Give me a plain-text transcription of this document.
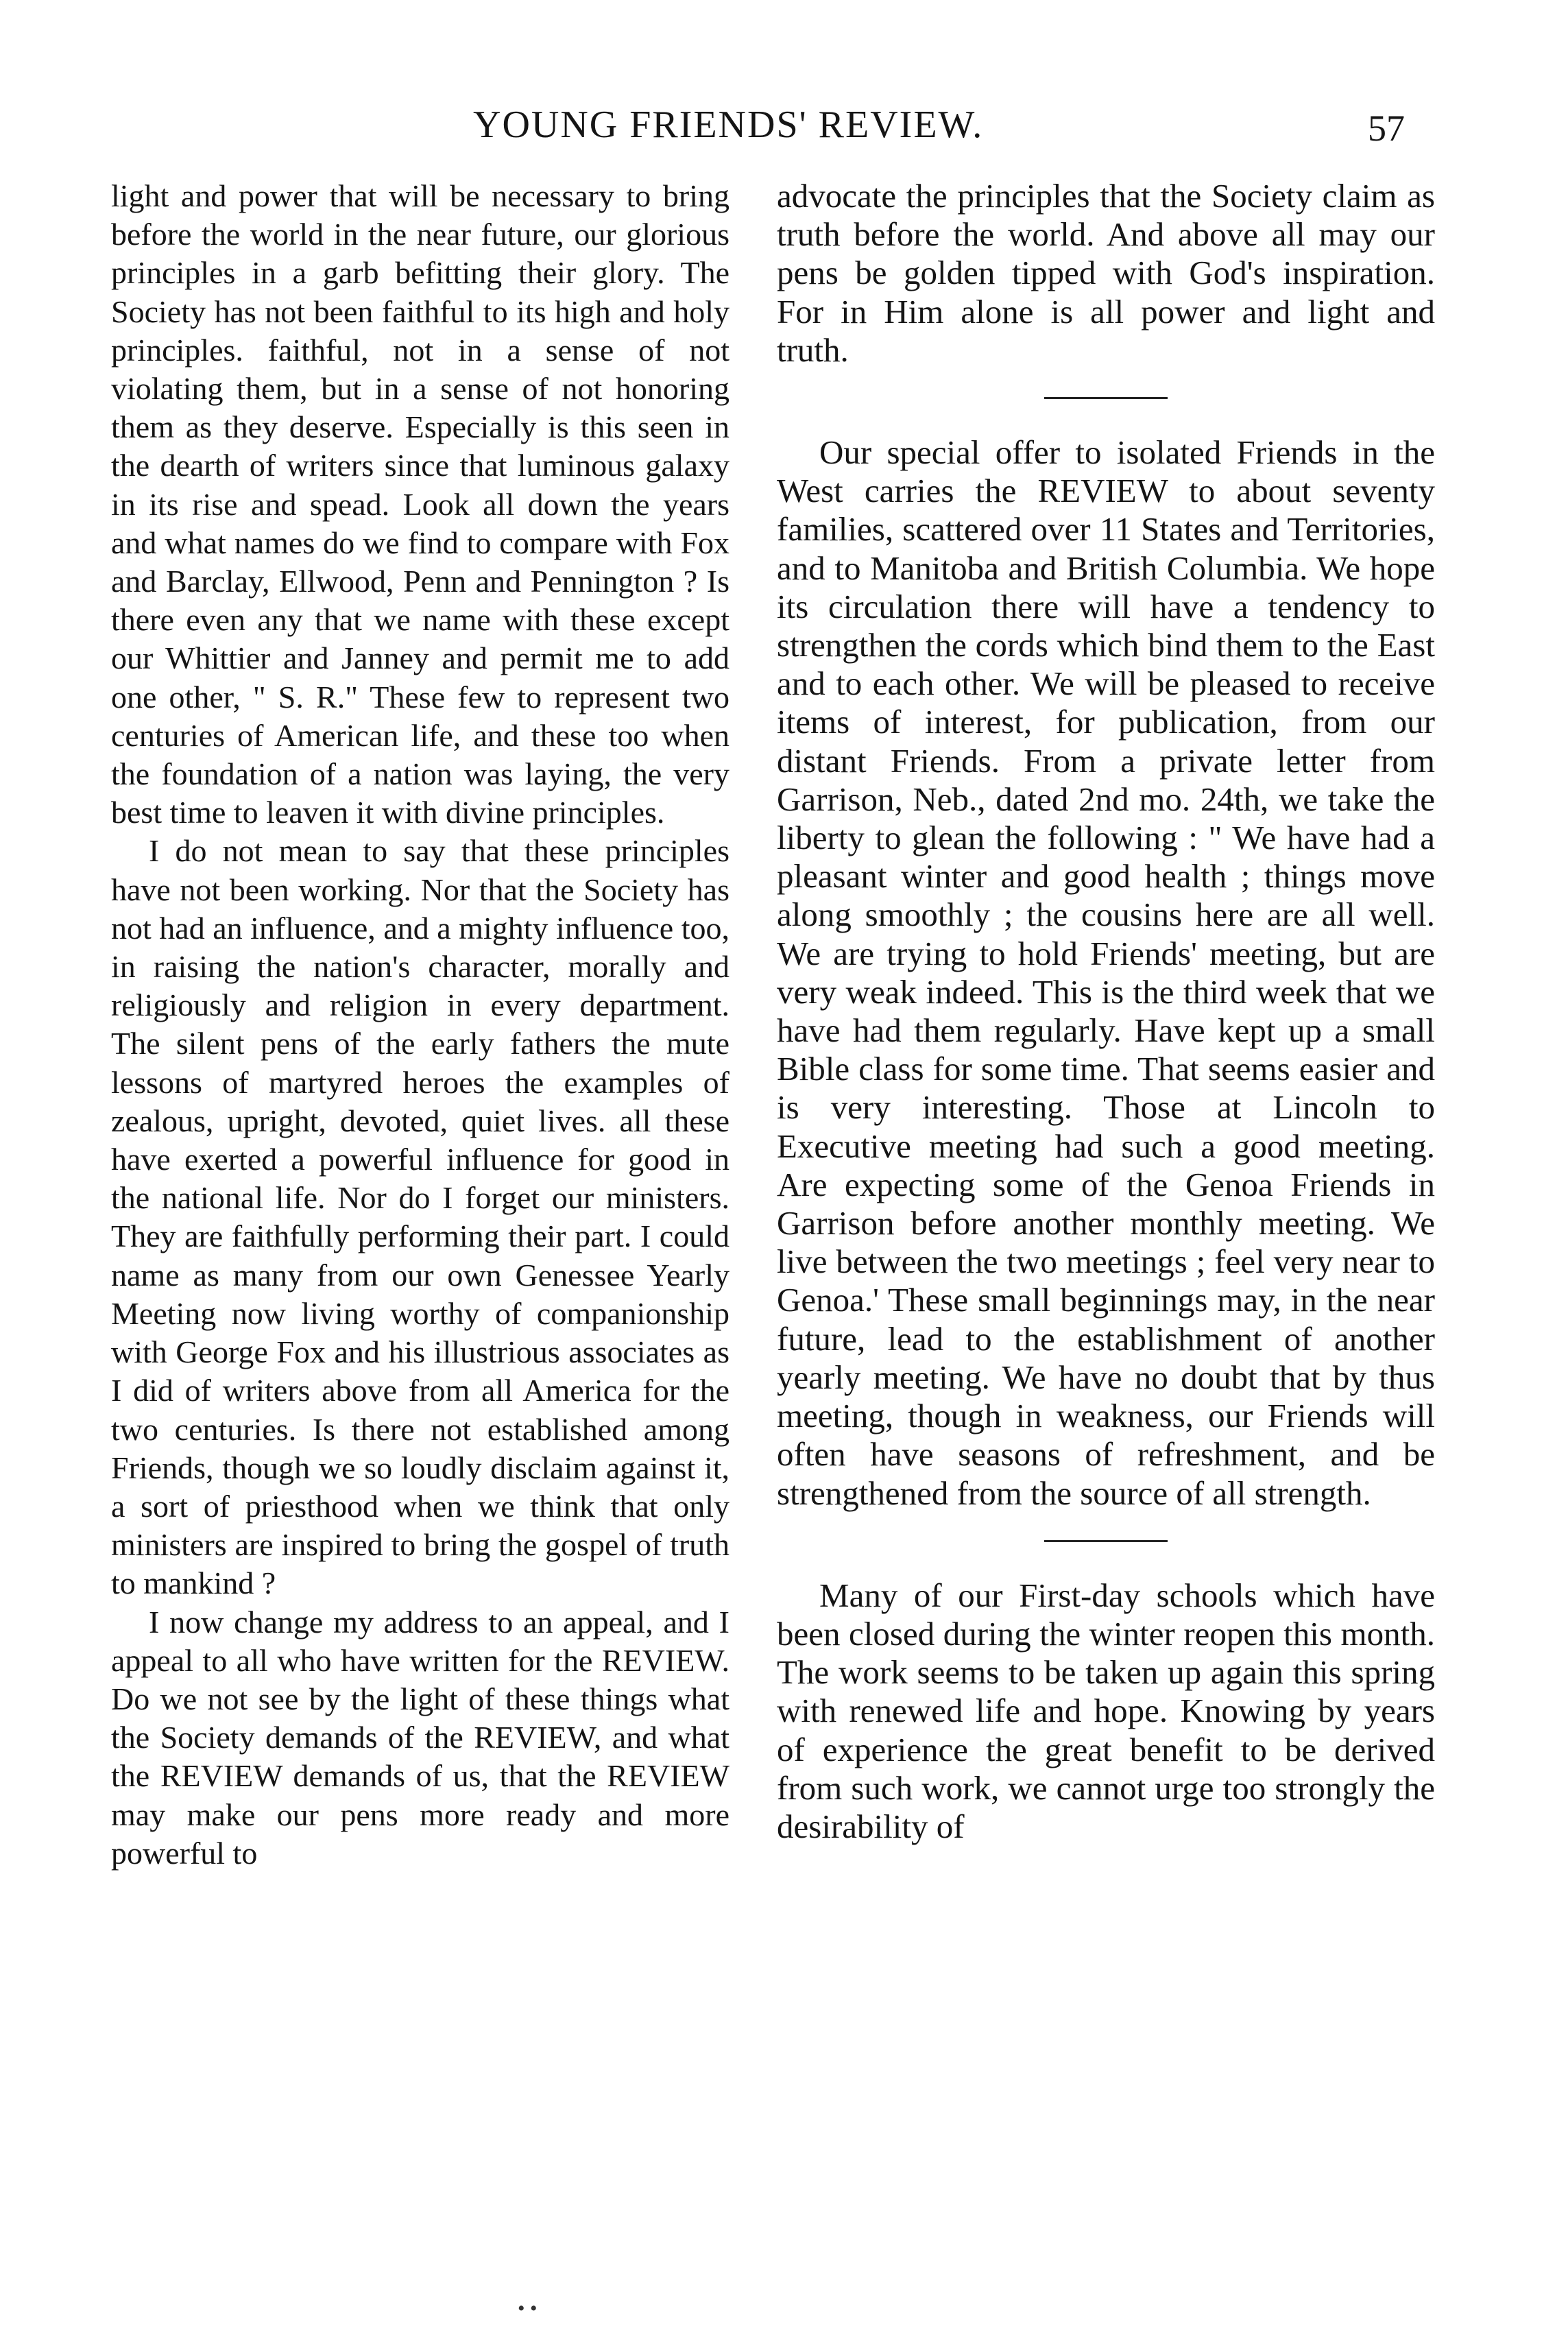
YOUNG FRIENDS' REVIEW.	57

light and power that will be necessary to bring before the world in the near future, our glorious principles in a garb befitting their glory. The Society has not been faithful to its high and holy principles. faithful, not in a sense of not violating them, but in a sense of not honoring them as they deserve. Especially is this seen in the dearth of writers since that luminous galaxy in its rise and spead. Look all down the years and what names do we find to compare with Fox and Barclay, Ellwood, Penn and Pennington ? Is there even any that we name with these except our Whittier and Janney and permit me to add one other, " S. R." These few to represent two centuries of American life, and these too when the foundation of a nation was laying, the very best time to leaven it with divine principles.

I do not mean to say that these principles have not been working. Nor that the Society has not had an influence, and a mighty influence too, in raising the nation's character, morally and religiously and religion in every department. The silent pens of the early fathers the mute lessons of martyred heroes the examples of zealous, upright, devoted, quiet lives. all these have exerted a powerful influence for good in the national life. Nor do I forget our ministers. They are faithfully performing their part. I could name as many from our own Genessee Yearly Meeting now living worthy of companionship with George Fox and his illustrious associates as I did of writers above from all America for the two centuries. Is there not established among Friends, though we so loudly disclaim against it, a sort of priesthood when we think that only ministers are inspired to bring the gospel of truth to mankind ?

I now change my address to an appeal, and I appeal to all who have written for the REVIEW. Do we not see by the light of these things what the Society demands of the REVIEW, and what the REVIEW demands of us, that the REVIEW may make our pens more ready and more powerful to

advocate the principles that the Society claim as truth before the world. And above all may our pens be golden tipped with God's inspiration. For in Him alone is all power and light and truth.

Our special offer to isolated Friends in the West carries the REVIEW to about seventy families, scattered over 11 States and Territories, and to Manitoba and British Columbia. We hope its circulation there will have a tendency to strengthen the cords which bind them to the East and to each other. We will be pleased to receive items of interest, for publication, from our distant Friends. From a private letter from Garrison, Neb., dated 2nd mo. 24th, we take the liberty to glean the following : " We have had a pleasant winter and good health ; things move along smoothly ; the cousins here are all well. We are trying to hold Friends' meeting, but are very weak indeed. This is the third week that we have had them regularly. Have kept up a small Bible class for some time. That seems easier and is very interesting. Those at Lincoln to Executive meeting had such a good meeting. Are expecting some of the Genoa Friends in Garrison before another monthly meeting. We live between the two meetings ; feel very near to Genoa.' These small beginnings may, in the near future, lead to the establishment of another yearly meeting. We have no doubt that by thus meeting, though in weakness, our Friends will often have seasons of refreshment, and be strengthened from the source of all strength.

Many of our First-day schools which have been closed during the winter reopen this month. The work seems to be taken up again this spring with renewed life and hope. Knowing by years of experience the great benefit to be derived from such work, we cannot urge too strongly the desirability of

• •
